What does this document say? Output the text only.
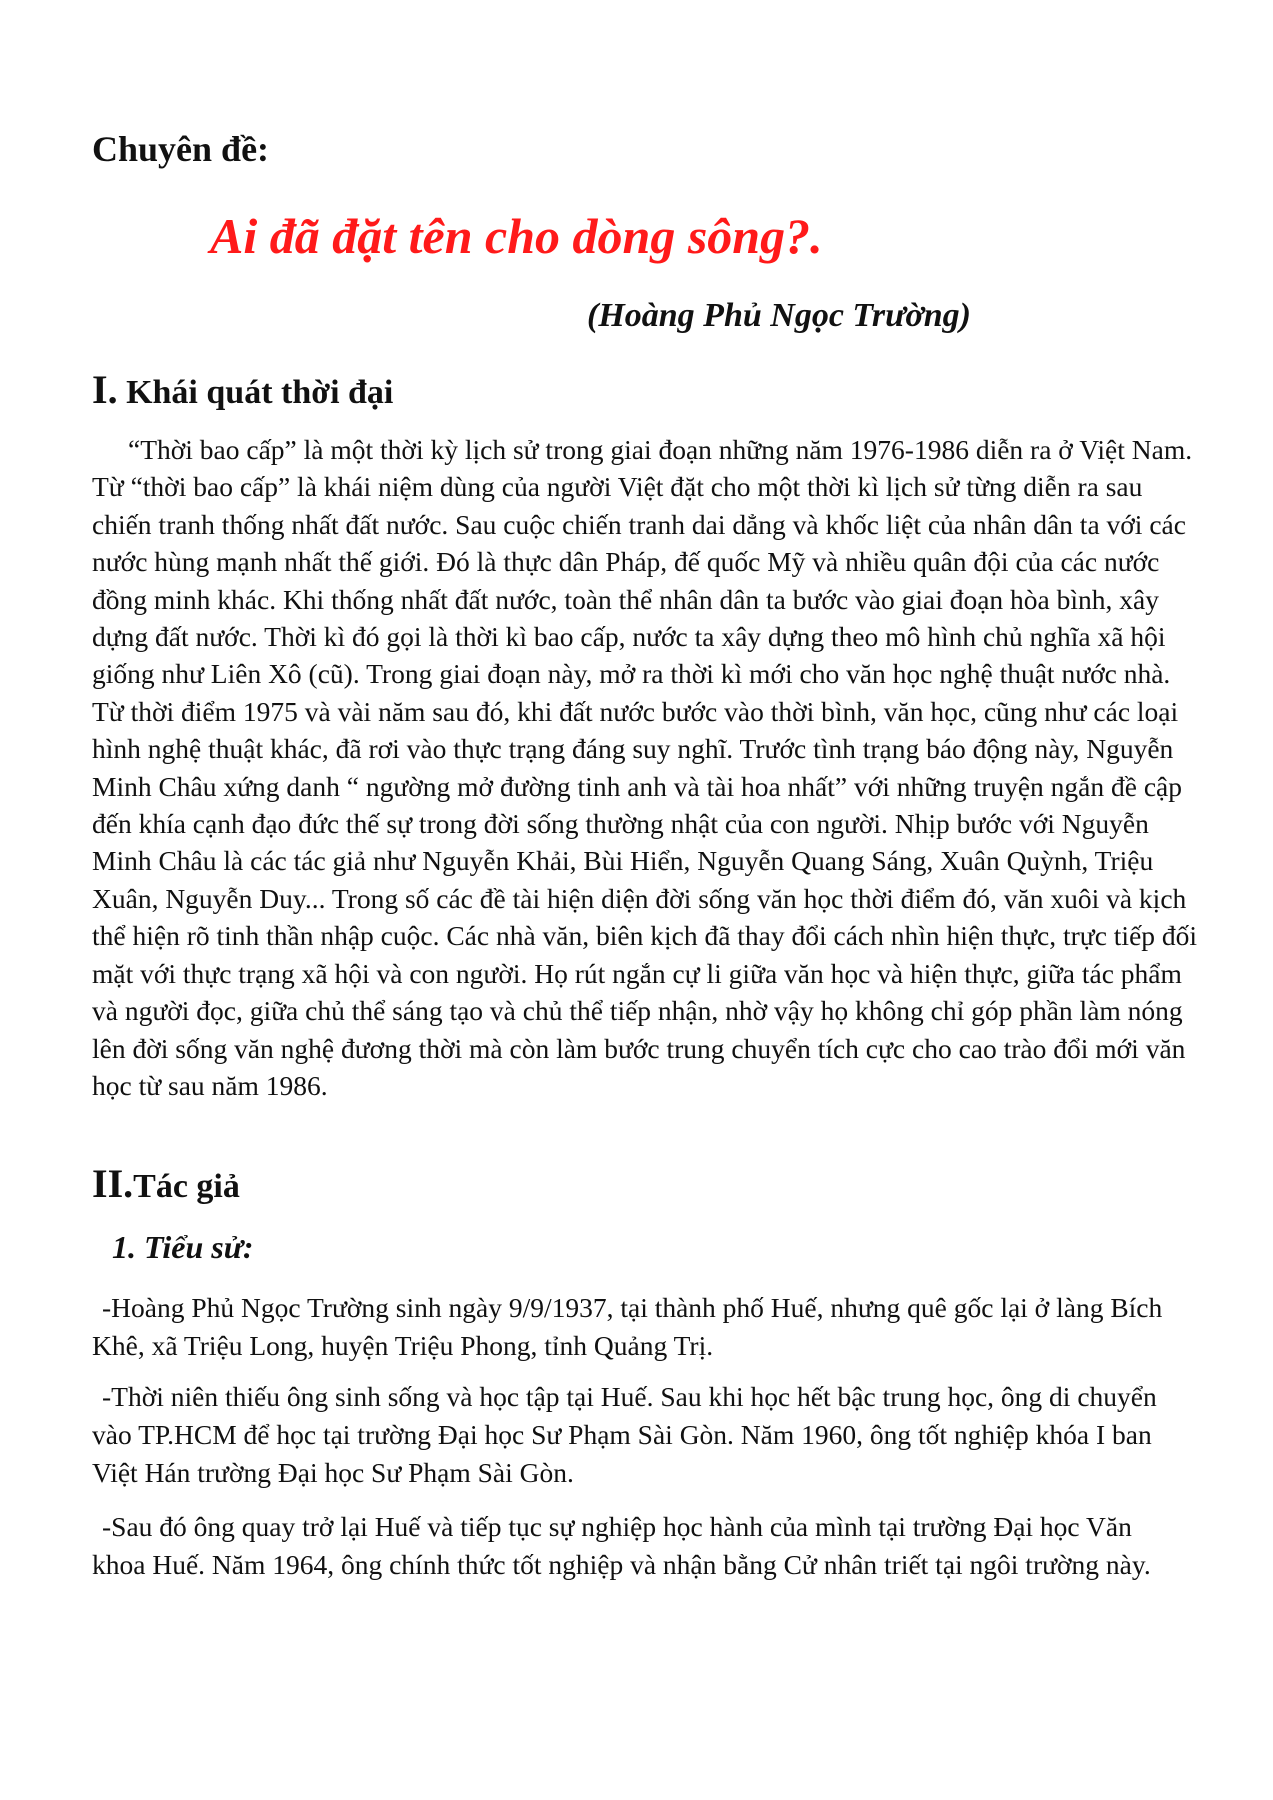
Chuyên đề:
Ai đã đặt tên cho dòng sông?.
(Hoàng Phủ Ngọc Trường)
I. Khái quát thời đại

“Thời bao cấp” là một thời kỳ lịch sử trong giai đoạn những năm 1976-1986 diễn ra ở Việt Nam. Từ “thời bao cấp” là khái niệm dùng của người Việt đặt cho một thời kì lịch sử từng diễn ra sau chiến tranh thống nhất đất nước. Sau cuộc chiến tranh dai dẳng và khốc liệt của nhân dân ta với các nước hùng mạnh nhất thế giới. Đó là thực dân Pháp, đế quốc Mỹ và nhiều quân đội của các nước đồng minh khác. Khi thống nhất đất nước, toàn thể nhân dân ta bước vào giai đoạn hòa bình, xây dựng đất nước. Thời kì đó gọi là thời kì bao cấp, nước ta xây dựng theo mô hình chủ nghĩa xã hội giống như Liên Xô (cũ). Trong giai đoạn này, mở ra thời kì mới cho văn học nghệ thuật nước nhà. Từ thời điểm 1975 và vài năm sau đó, khi đất nước bước vào thời bình, văn học, cũng như các loại hình nghệ thuật khác, đã rơi vào thực trạng đáng suy nghĩ. Trước tình trạng báo động này, Nguyễn Minh Châu xứng danh “ ngường mở đường tinh anh và tài hoa nhất” với những truyện ngắn đề cập đến khía cạnh đạo đức thế sự trong đời sống thường nhật của con người. Nhịp bước với Nguyễn Minh Châu là các tác giả như Nguyễn Khải, Bùi Hiển, Nguyễn Quang Sáng, Xuân Quỳnh, Triệu Xuân, Nguyễn Duy... Trong số các đề tài hiện diện đời sống văn học thời điểm đó, văn xuôi và kịch thể hiện rõ tinh thần nhập cuộc. Các nhà văn, biên kịch đã thay đổi cách nhìn hiện thực, trực tiếp đối mặt với thực trạng xã hội và con người. Họ rút ngắn cự li giữa văn học và hiện thực, giữa tác phẩm và người đọc, giữa chủ thể sáng tạo và chủ thể tiếp nhận, nhờ vậy họ không chỉ góp phần làm nóng lên đời sống văn nghệ đương thời mà còn làm bước trung chuyển tích cực cho cao trào đổi mới văn học từ sau năm 1986.

II.Tác giả
1. Tiểu sử:

-Hoàng Phủ Ngọc Trường sinh ngày 9/9/1937, tại thành phố Huế, nhưng quê gốc lại ở làng Bích Khê, xã Triệu Long, huyện Triệu Phong, tỉnh Quảng Trị.

-Thời niên thiếu ông sinh sống và học tập tại Huế. Sau khi học hết bậc trung học, ông di chuyển vào TP.HCM để học tại trường Đại học Sư Phạm Sài Gòn. Năm 1960, ông tốt nghiệp khóa I ban Việt Hán trường Đại học Sư Phạm Sài Gòn.

-Sau đó ông quay trở lại Huế và tiếp tục sự nghiệp học hành của mình tại trường Đại học Văn khoa Huế. Năm 1964, ông chính thức tốt nghiệp và nhận bằng Cử nhân triết tại ngôi trường này.
